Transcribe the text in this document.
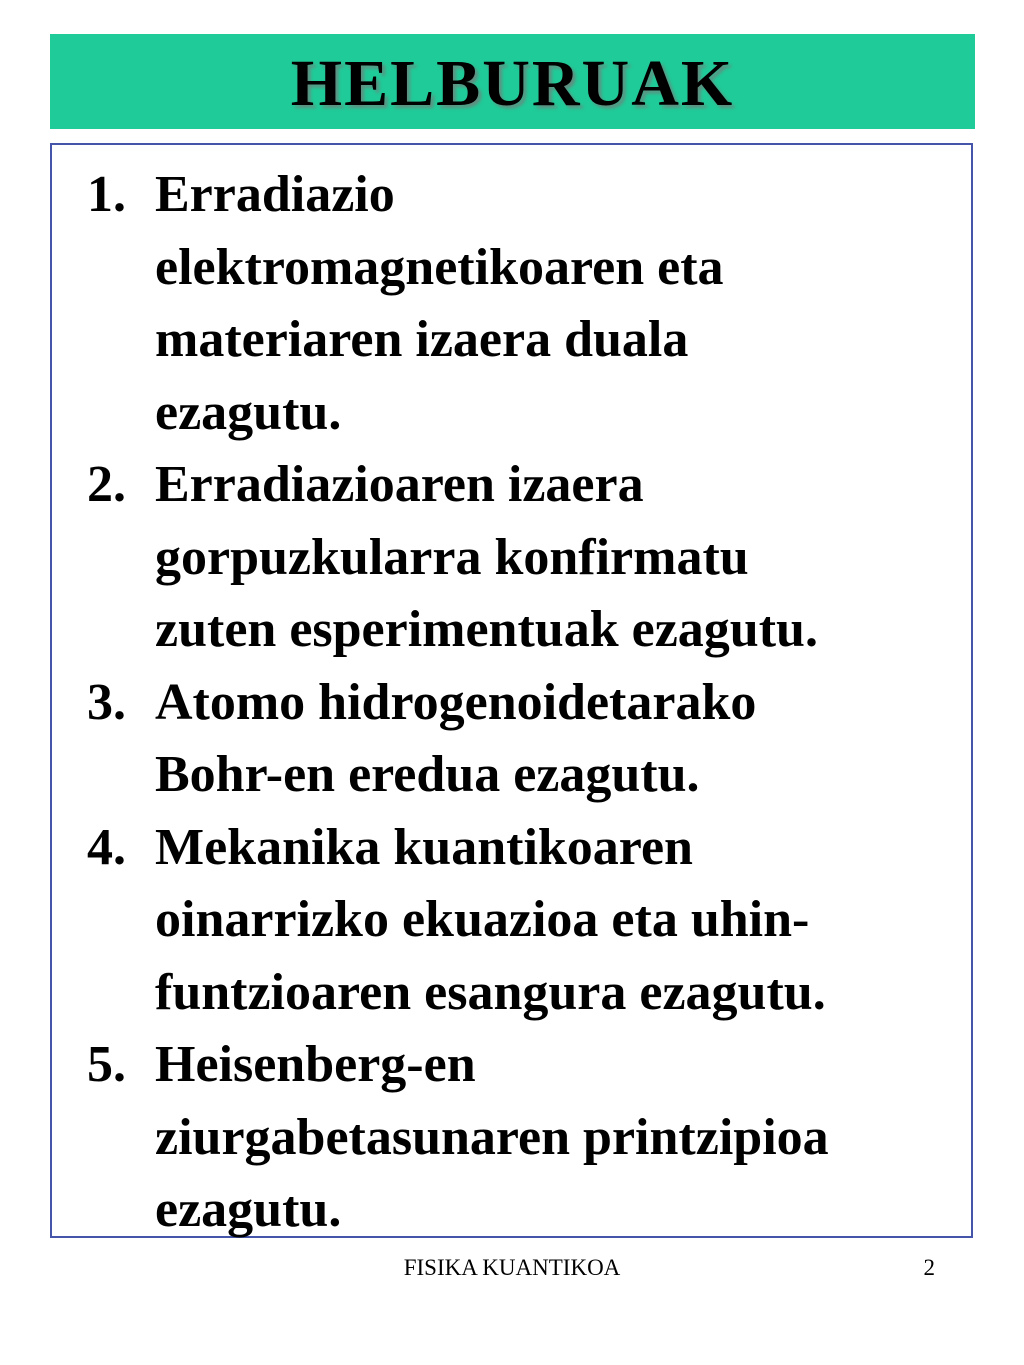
HELBURUAK
1. Erradiazio
elektromagnetikoaren eta
materiaren izaera duala
ezagutu.
2. Erradiazioaren izaera
gorpuzkularra konfirmatu
zuten esperimentuak ezagutu.
3. Atomo hidrogenoidetarako
Bohr-en eredua ezagutu.
4. Mekanika kuantikoaren
oinarrizko ekuazioa eta uhin-
funtzioaren esangura ezagutu.
5. Heisenberg-en
ziurgabetasunaren printzipioa
ezagutu.
FISIKA KUANTIKOA	2
